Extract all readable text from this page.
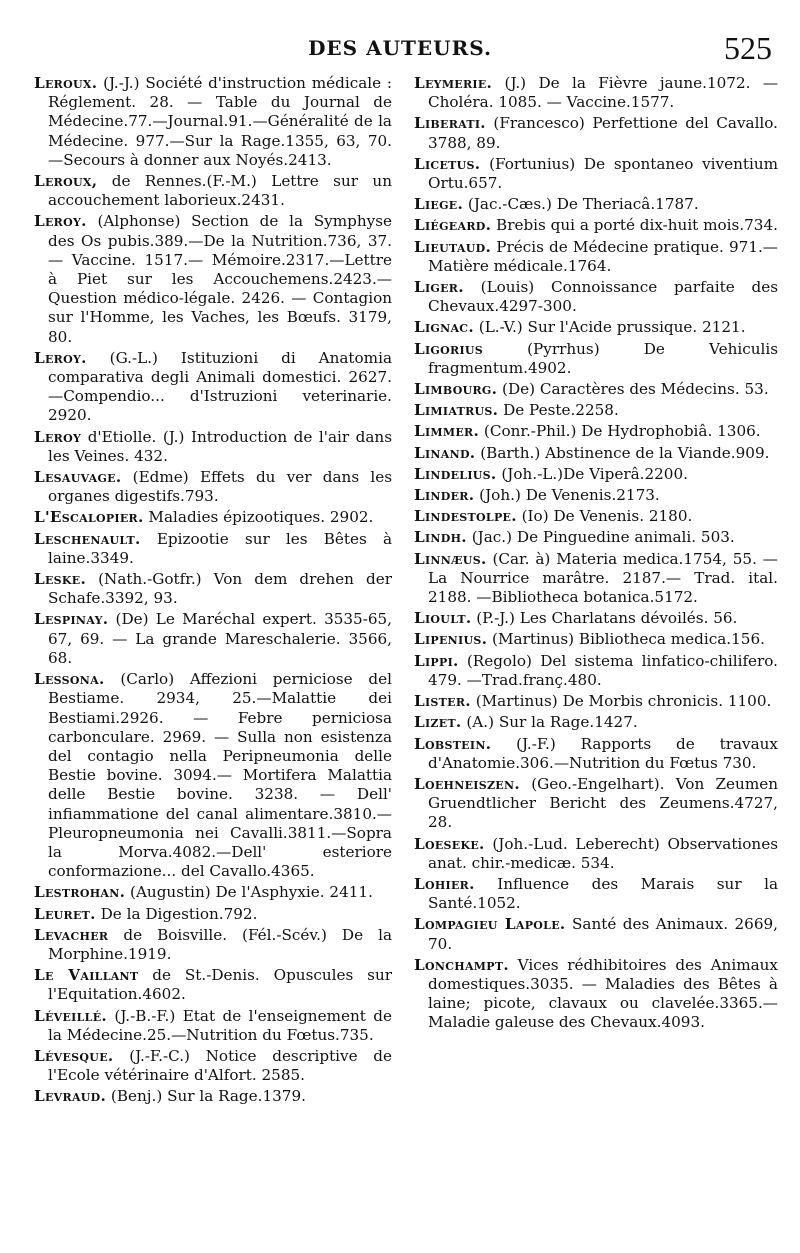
DES AUTEURS.	525

Leroux. (J.-J.) Société d'instruction médicale : Réglement. 28. — Table du Journal de Médecine.77.—Journal.91.—Généralité de la Médecine. 977.—Sur la Rage.1355, 63, 70.—Secours à donner aux Noyés.2413.

Leroux, de Rennes.(F.-M.) Lettre sur un accouchement laborieux.2431.

Leroy. (Alphonse) Section de la Symphyse des Os pubis.389.—De la Nutrition.736, 37. — Vaccine. 1517.— Mémoire.2317.—Lettre à Piet sur les Accouchemens.2423.—Question médico-légale. 2426. — Contagion sur l'Homme, les Vaches, les Bœufs. 3179, 80.

Leroy. (G.-L.) Istituzioni di Anatomia comparativa degli Animali domestici. 2627.—Compendio... d'Istruzioni veterinarie. 2920.

Leroy d'Etiolle. (J.) Introduction de l'air dans les Veines. 432.

Lesauvage. (Edme) Effets du ver dans les organes digestifs.793.

L'Escalopier. Maladies épizootiques. 2902.

Leschenault. Epizootie sur les Bêtes à laine.3349.

Leske. (Nath.-Gotfr.) Von dem drehen der Schafe.3392, 93.

Lespinay. (De) Le Maréchal expert. 3535-65, 67, 69. — La grande Mareschalerie. 3566, 68.

Lessona. (Carlo) Affezioni perniciose del Bestiame. 2934, 25.—Malattie dei Bestiami.2926. — Febre perniciosa carbonculare. 2969. — Sulla non esistenza del contagio nella Peripneumonia delle Bestie bovine. 3094.— Mortifera Malattia delle Bestie bovine. 3238. — Dell' infiammatione del canal alimentare.3810.—Pleuropneumonia nei Cavalli.3811.—Sopra la Morva.4082.—Dell' esteriore conformazione... del Cavallo.4365.

Lestrohan. (Augustin) De l'Asphyxie. 2411.

Leuret. De la Digestion.792.

Levacher de Boisville. (Fél.-Scév.) De la Morphine.1919.

Le Vaillant de St.-Denis. Opuscules sur l'Equitation.4602.

Léveillé. (J.-B.-F.) Etat de l'enseignement de la Médecine.25.—Nutrition du Fœtus.735.

Lévesque. (J.-F.-C.) Notice descriptive de l'Ecole vétérinaire d'Alfort. 2585.

Levraud. (Benj.) Sur la Rage.1379.

Leymerie. (J.) De la Fièvre jaune.1072. — Choléra. 1085. — Vaccine.1577.

Liberati. (Francesco) Perfettione del Cavallo. 3788, 89.

Licetus. (Fortunius) De spontaneo viventium Ortu.657.

Liege. (Jac.-Cæs.) De Theriacâ.1787.

Liégeard. Brebis qui a porté dix-huit mois.734.

Lieutaud. Précis de Médecine pratique. 971.—Matière médicale.1764.

Liger. (Louis) Connoissance parfaite des Chevaux.4297-300.

Lignac. (L.-V.) Sur l'Acide prussique. 2121.

Ligorius	(Pyrrhus) De Vehiculis fragmentum.4902.

Limbourg. (De) Caractères des Médecins. 53.

Limiatrus. De Peste.2258.

Limmer. (Conr.-Phil.) De Hydrophobiâ. 1306.

Linand. (Barth.) Abstinence de la Viande.909.

Lindelius. (Joh.-L.)De Viperâ.2200.

Linder. (Joh.) De Venenis.2173.

Lindestolpe. (Io) De Venenis. 2180.

Lindh. (Jac.) De Pinguedine animali. 503.

Linnæus. (Car. à) Materia medica.1754, 55. — La Nourrice marâtre. 2187.— Trad. ital. 2188. —Bibliotheca botanica.5172.

Lioult. (P.-J.) Les Charlatans dévoilés. 56.

Lipenius. (Martinus) Bibliotheca medica.156.

Lippi. (Regolo) Del sistema linfatico-chilifero. 479. —Trad.franç.480.

Lister. (Martinus) De Morbis chronicis. 1100.

Lizet. (A.) Sur la Rage.1427.

Lobstein. (J.-F.) Rapports de travaux d'Anatomie.306.—Nutrition du Fœtus 730.

Loehneiszen. (Geo.-Engelhart). Von Zeumen Gruendtlicher Bericht des Zeumens.4727, 28.

Loeseke. (Joh.-Lud. Leberecht) Observationes anat. chir.-medicæ. 534.

Lohier. Influence des Marais sur la Santé.1052.

Lompagieu Lapole. Santé des Animaux. 2669, 70.

Lonchampt. Vices rédhibitoires des Animaux domestiques.3035. — Maladies des Bêtes à laine; picote, clavaux ou clavelée.3365.—Maladie galeuse des Chevaux.4093.
